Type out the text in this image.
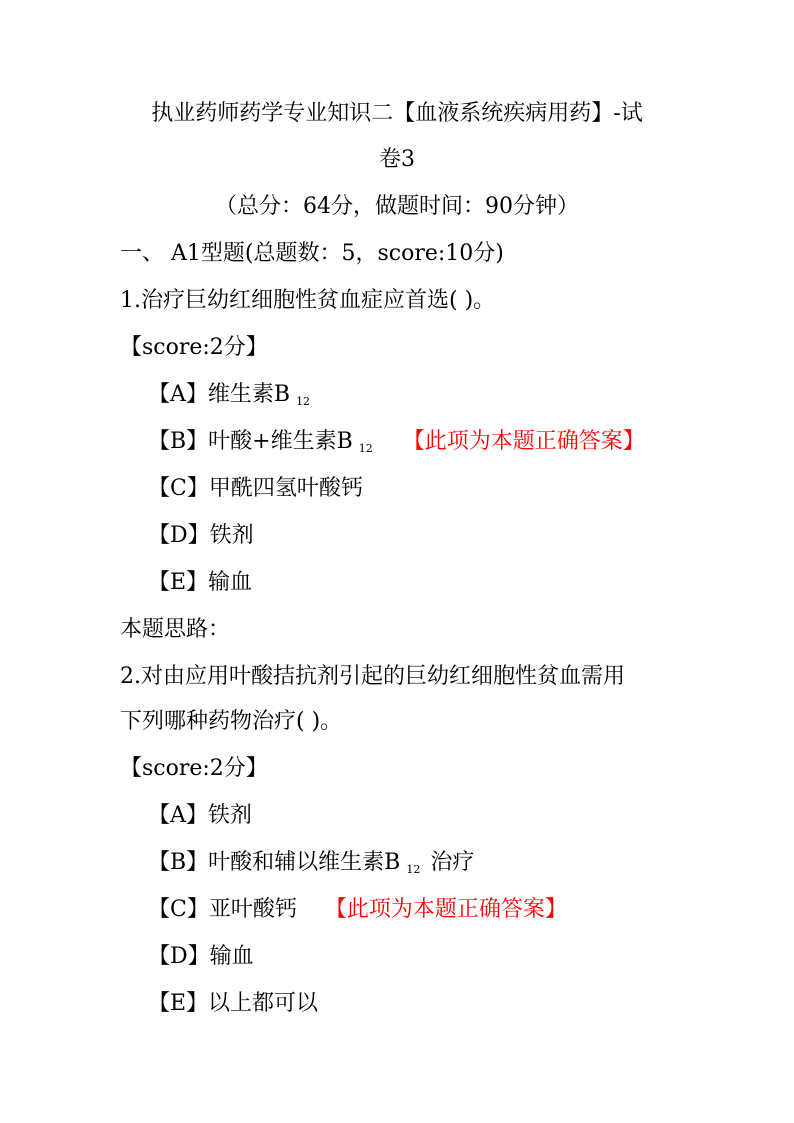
执业药师药学专业知识二【血液系统疾病用药】-试
卷3
（总分：64分，做题时间：90分钟）
一、 A1型题(总题数：5，score:10分)
1.治疗巨幼红细胞性贫血症应首选( )。
【score:2分】
【A】维生素B $_{12}$
【B】叶酸+维生素B $_{12}$ 【此项为本题正确答案】
【C】甲酰四氢叶酸钙
【D】铁剂
【E】输血
本题思路：
2.对由应用叶酸拮抗剂引起的巨幼红细胞性贫血需用
下列哪种药物治疗( )。
【score:2分】
【A】铁剂
【B】叶酸和辅以维生素B $_{12}$ 治疗
【C】亚叶酸钙 【此项为本题正确答案】
【D】输血
【E】以上都可以
